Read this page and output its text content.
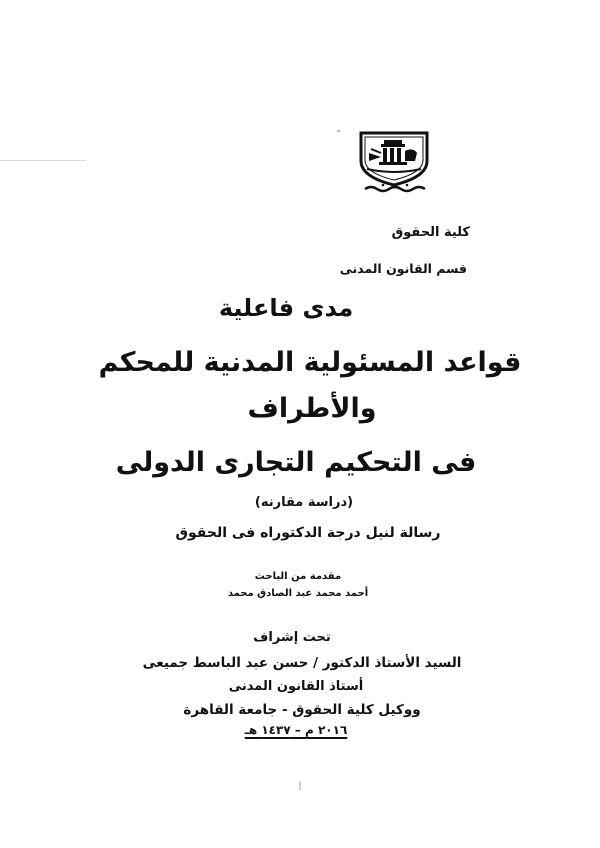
كلية الحقوق
قسم القانون المدنى
مدى فاعلية
قواعد المسئولية المدنية للمحكم
والأطراف
فى التحكيم التجارى الدولى
(دراسة مقارنه)
رسالة لنيل درجة الدكتوراه فى الحقوق
مقدمة من الباحث
أحمد محمد عبد الصادق محمد
تحت إشراف
السيد الأستاذ الدكتور / حسن عبد الباسط جميعى
أستاذ القانون المدنى
ووكيل كلية الحقوق - جامعة القاهرة
٢٠١٦ م – ١٤٣٧ هـ
أ
